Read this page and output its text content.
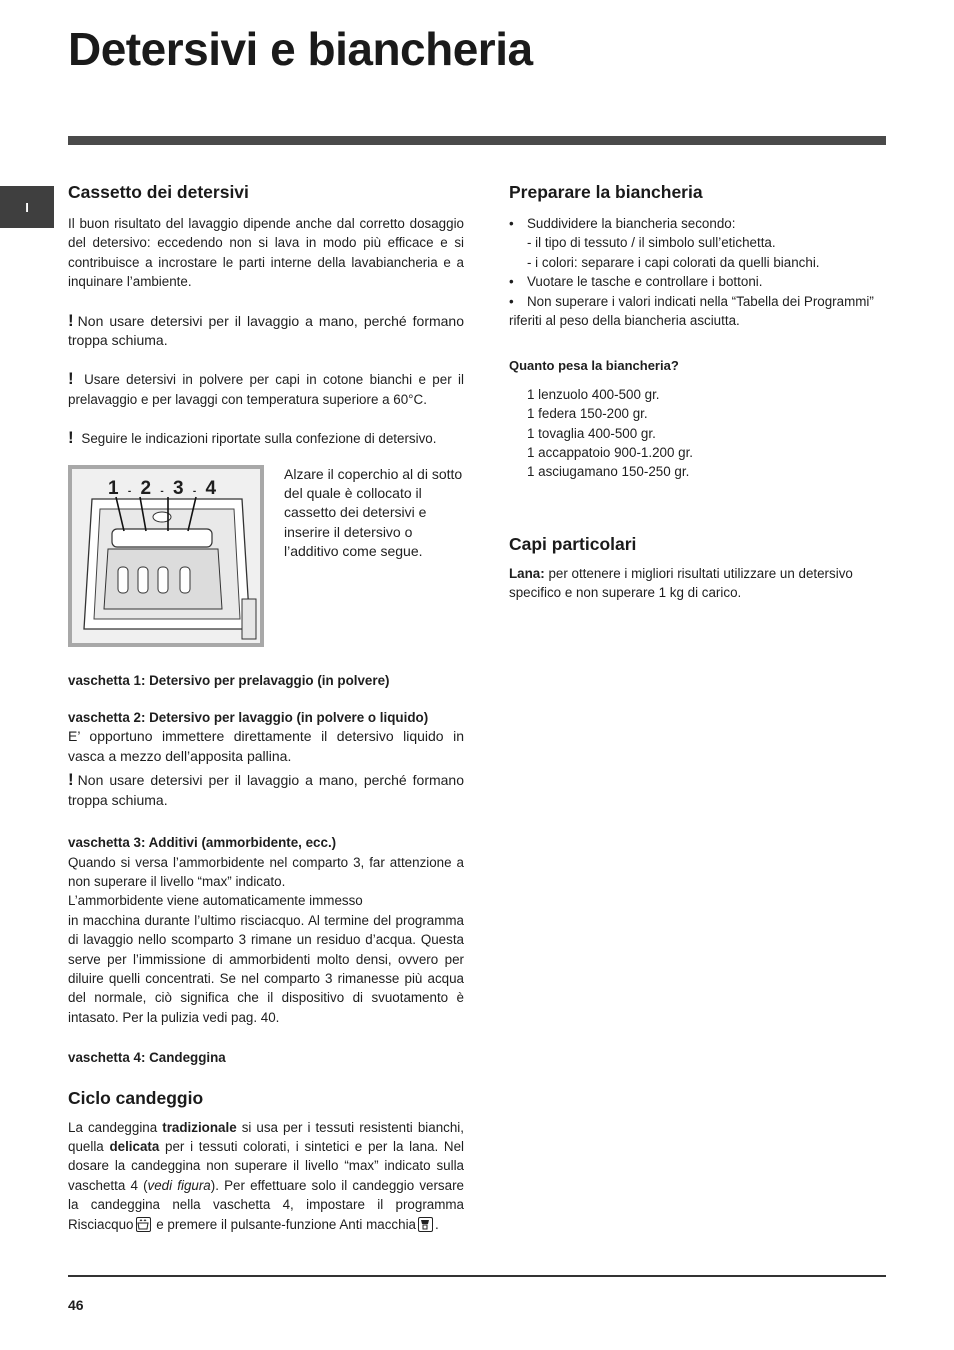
Detersivi e biancheria
I
Cassetto dei detersivi

Il buon risultato del lavaggio dipende anche dal corretto dosaggio del detersivo: eccedendo non si lava in modo più efficace e si contribuisce a incrostare le parti interne della lavabiancheria e a inquinare l’ambiente.

! Non usare detersivi per il lavaggio a mano, perché formano troppa schiuma.

! Usare detersivi in polvere per capi in cotone bianchi e per il prelavaggio e per lavaggi con temperatura superiore a 60°C.

! Seguire le indicazioni riportate sulla confezione di detersivo.

1 ‐ 2 ‐ 3 ‐ 4

Alzare il coperchio al di sotto del quale è collocato il cassetto dei detersivi e inserire il detersivo o l’additivo come segue.

vaschetta 1: Detersivo per prelavaggio (in polvere)

vaschetta 2: Detersivo per lavaggio (in polvere o liquido)

E’ opportuno immettere direttamente il detersivo liquido in vasca a mezzo dell’apposita pallina.

! Non usare detersivi per il lavaggio a mano, perché formano troppa schiuma.

vaschetta 3: Additivi (ammorbidente, ecc.)

Quando si versa l’ammorbidente nel comparto 3, far attenzione a non superare il livello “max” indicato.

L’ammorbidente viene automaticamente immesso

in macchina durante l’ultimo risciacquo. Al termine del programma di lavaggio nello scomparto 3 rimane un residuo d’acqua. Questa serve per l’immissione di ammorbidenti molto densi, ovvero per diluire quelli concentrati. Se nel comparto 3 rimanesse più acqua del normale, ciò significa che il dispositivo di svuotamento è intasato. Per la pulizia vedi pag. 40.

vaschetta 4: Candeggina

Ciclo candeggio

La candeggina tradizionale si usa per i tessuti resistenti bianchi, quella delicata per i tessuti colorati, i sintetici e per la lana. Nel dosare la candeggina non superare il livello “max” indicato sulla vaschetta 4 (vedi figura). Per effettuare solo il candeggio versare la candeggina nella vaschetta 4, impostare il programma Risciacquo
e premere il pulsante-funzione Anti macchia .

Preparare la biancheria
• Suddividere la biancheria secondo:
- il tipo di tessuto / il simbolo sull’etichetta.
- i colori: separare i capi colorati da quelli bianchi.
• Vuotare le tasche e controllare i bottoni.
• Non superare i valori indicati nella “Tabella dei Programmi” riferiti al peso della biancheria asciutta.

Quanto pesa la biancheria?

1 lenzuolo 400-500 gr.
1 federa 150-200 gr.
1 tovaglia 400-500 gr.
1 accappatoio 900-1.200 gr.
1 asciugamano 150-250 gr.
Capi particolari

Lana: per ottenere i migliori risultati utilizzare un detersivo specifico e non superare 1 kg di carico.

46
